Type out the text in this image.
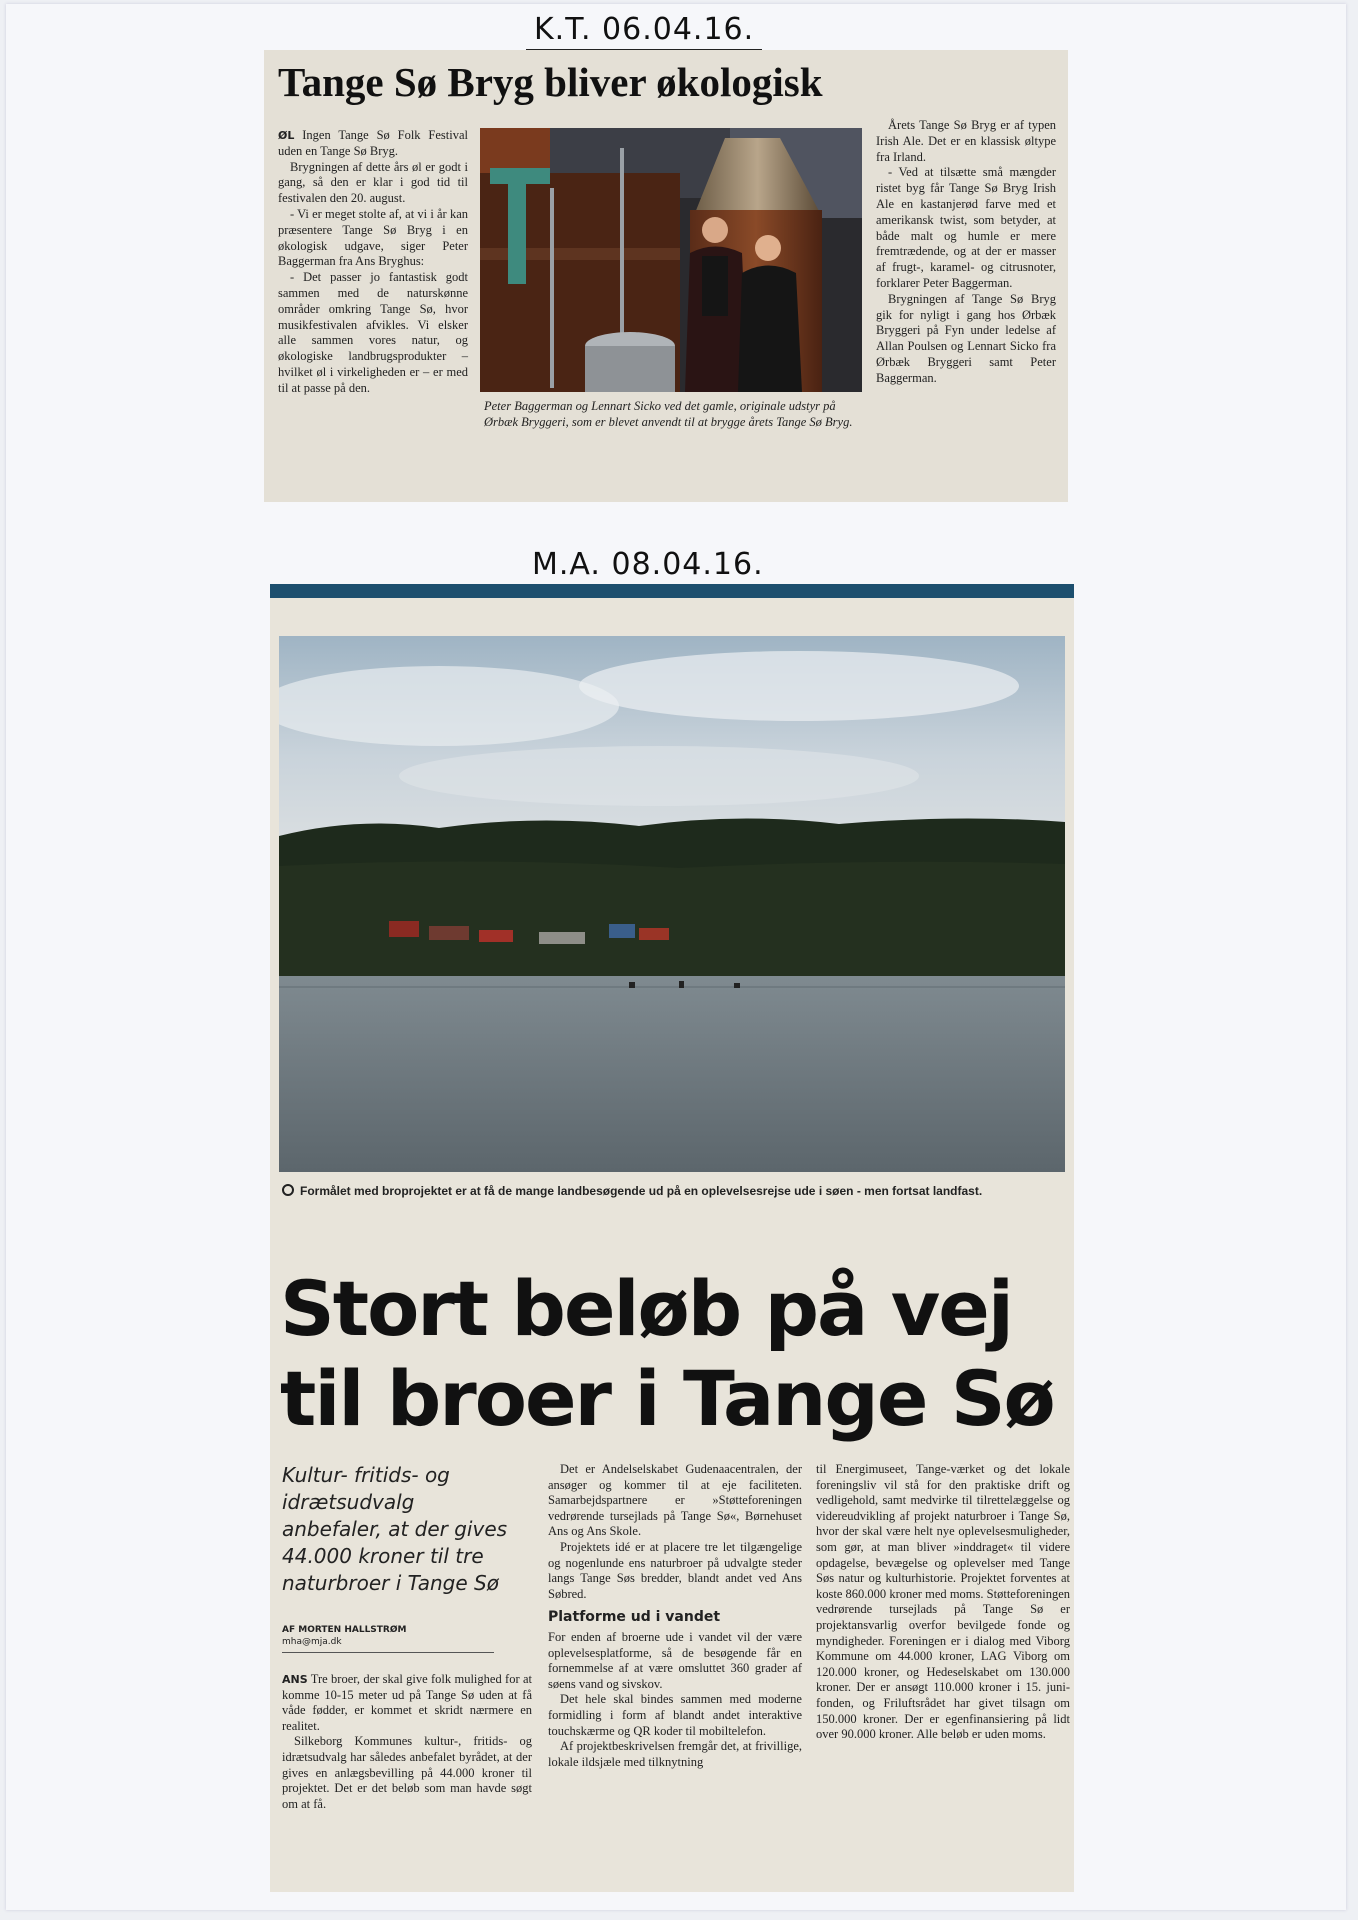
K.T. 06.04.16.
Tange Sø Bryg bliver økologisk

ØL Ingen Tange Sø Folk Festival uden en Tange Sø Bryg.

Brygningen af dette års øl er godt i gang, så den er klar i god tid til festivalen den 20. august.

- Vi er meget stolte af, at vi i år kan præsentere Tange Sø Bryg i en økologisk udgave, siger Peter Baggerman fra Ans Bryghus:

- Det passer jo fantastisk godt sammen med de naturskønne områder omkring Tange Sø, hvor musikfestivalen afvikles. Vi elsker alle sammen vores natur, og økologiske landbrugsprodukter – hvilket øl i virkeligheden er – er med til at passe på den.

Peter Baggerman og Lennart Sicko ved det gamle, originale udstyr på Ørbæk Bryggeri, som er blevet anvendt til at brygge årets Tange Sø Bryg.

Årets Tange Sø Bryg er af typen Irish Ale. Det er en klassisk øltype fra Irland.

- Ved at tilsætte små mængder ristet byg får Tange Sø Bryg Irish Ale en kastanjerød farve med et amerikansk twist, som betyder, at både malt og humle er mere fremtrædende, og at der er masser af frugt-, karamel- og citrusnoter, forklarer Peter Baggerman.

Brygningen af Tange Sø Bryg gik for nyligt i gang hos Ørbæk Bryggeri på Fyn under ledelse af Allan Poulsen og Lennart Sicko fra Ørbæk Bryggeri samt Peter Baggerman.

M.A. 08.04.16.
Formålet med broprojektet er at få de mange landbesøgende ud på en oplevelsesrejse ude i søen - men fortsat landfast.
Stort beløb på vej
til broer i Tange Sø
Kultur- fritids- og idrætsudvalg anbefaler, at der gives 44.000 kroner til tre naturbroer i Tange Sø
AF MORTEN HALLSTRØM
mha@mja.dk

ANS Tre broer, der skal give folk mulighed for at komme 10-15 meter ud på Tange Sø uden at få våde fødder, er kommet et skridt nærmere en realitet.

Silkeborg Kommunes kultur-, fritids- og idrætsudvalg har således anbefalet byrådet, at der gives en anlægsbevilling på 44.000 kroner til projektet. Det er det beløb som man havde søgt om at få.

Det er Andelselskabet Gudenaacentralen, der ansøger og kommer til at eje faciliteten. Samarbejdspartnere er »Støtteforeningen vedrørende tursejlads på Tange Sø«, Børnehuset Ans og Ans Skole.

Projektets idé er at placere tre let tilgængelige og nogenlunde ens naturbroer på udvalgte steder langs Tange Søs bredder, blandt andet ved Ans Søbred.

Platforme ud i vandet

For enden af broerne ude i vandet vil der være oplevelsesplatforme, så de besøgende får en fornemmelse af at være omsluttet 360 grader af søens vand og sivskov.

Det hele skal bindes sammen med moderne formidling i form af blandt andet interaktive touchskærme og QR koder til mobiltelefon.

Af projektbeskrivelsen fremgår det, at frivillige, lokale ildsjæle med tilknytning

til Energimuseet, Tange-værket og det lokale foreningsliv vil stå for den praktiske drift og vedligehold, samt medvirke til tilrettelæggelse og videreudvikling af projekt naturbroer i Tange Sø, hvor der skal være helt nye oplevelsesmuligheder, som gør, at man bliver »inddraget« til videre opdagelse, bevægelse og oplevelser med Tange Søs natur og kulturhistorie. Projektet forventes at koste 860.000 kroner med moms. Støtteforeningen vedrørende tursejlads på Tange Sø er projektansvarlig overfor bevilgede fonde og myndigheder. Foreningen er i dialog med Viborg Kommune om 44.000 kroner, LAG Viborg om 120.000 kroner, og Hedeselskabet om 130.000 kroner. Der er ansøgt 110.000 kroner i 15. juni-fonden, og Friluftsrådet har givet tilsagn om 150.000 kroner. Der er egenfinansiering på lidt over 90.000 kroner. Alle beløb er uden moms.
